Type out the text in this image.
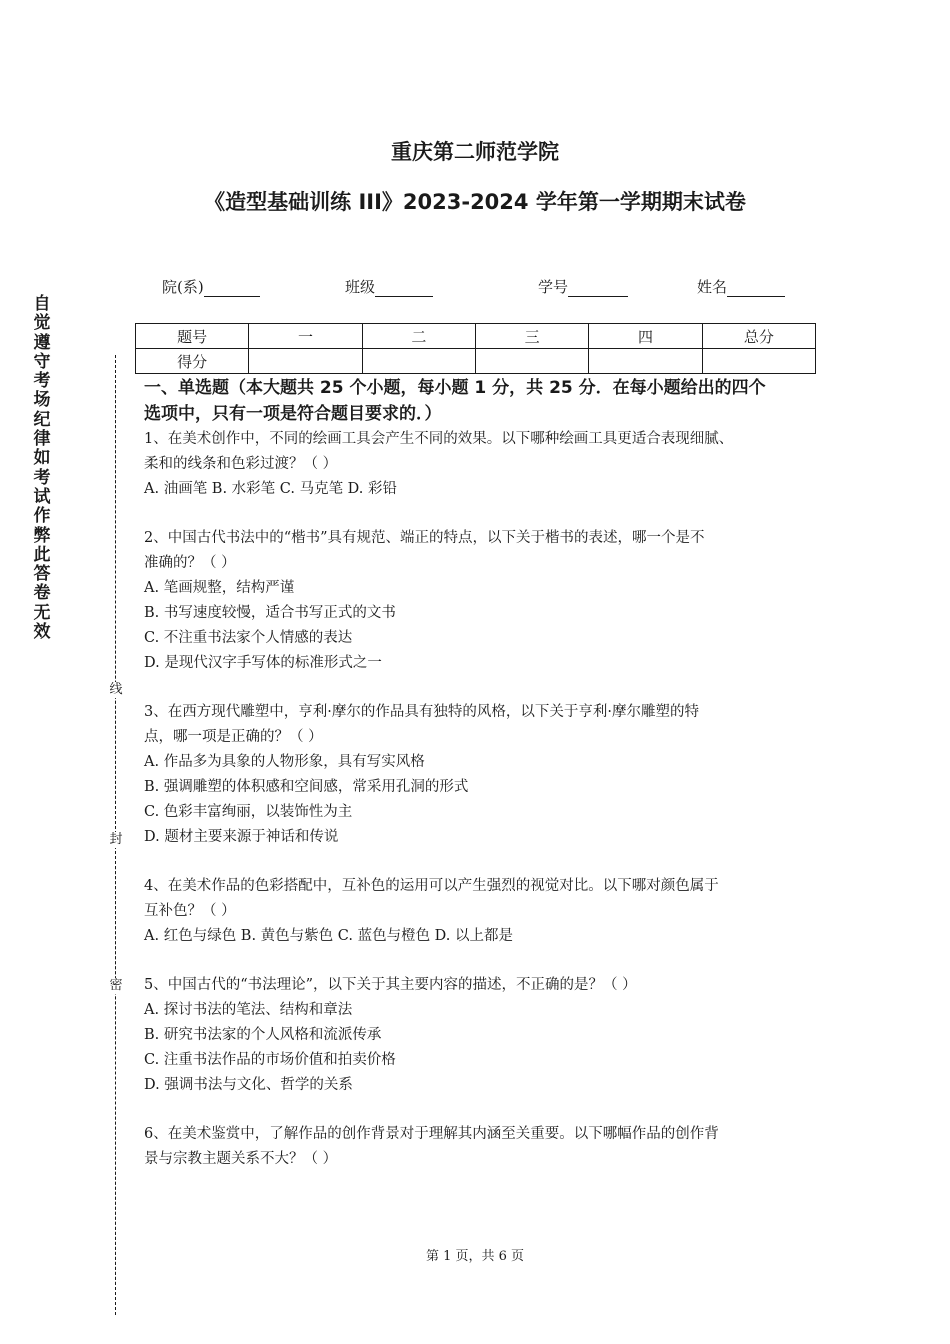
重庆第二师范学院
《造型基础训练 III》2023-2024 学年第一学期期末试卷
院(系)	班级	学号	姓名
题号	一	二	三	四	总分
得分					
自
觉
遵
守
考
场
纪
律
如
考
试
作
弊
此
答
卷
无
效
线
封
密
一、单选题（本大题共 25 个小题，每小题 1 分，共 25 分．在每小题给出的四个
选项中，只有一项是符合题目要求的．）
1、在美术创作中，不同的绘画工具会产生不同的效果。以下哪种绘画工具更适合表现细腻、
柔和的线条和色彩过渡？（ ）
A. 油画笔 B. 水彩笔 C. 马克笔 D. 彩铅
2、中国古代书法中的“楷书”具有规范、端正的特点，以下关于楷书的表述，哪一个是不
准确的？（ ）
A. 笔画规整，结构严谨
B. 书写速度较慢，适合书写正式的文书
C. 不注重书法家个人情感的表达
D. 是现代汉字手写体的标准形式之一
3、在西方现代雕塑中，亨利·摩尔的作品具有独特的风格，以下关于亨利·摩尔雕塑的特
点，哪一项是正确的？（ ）
A. 作品多为具象的人物形象，具有写实风格
B. 强调雕塑的体积感和空间感，常采用孔洞的形式
C. 色彩丰富绚丽，以装饰性为主
D. 题材主要来源于神话和传说
4、在美术作品的色彩搭配中，互补色的运用可以产生强烈的视觉对比。以下哪对颜色属于
互补色？（ ）
A. 红色与绿色 B. 黄色与紫色 C. 蓝色与橙色 D. 以上都是
5、中国古代的“书法理论”，以下关于其主要内容的描述，不正确的是？（ ）
A. 探讨书法的笔法、结构和章法
B. 研究书法家的个人风格和流派传承
C. 注重书法作品的市场价值和拍卖价格
D. 强调书法与文化、哲学的关系
6、在美术鉴赏中，了解作品的创作背景对于理解其内涵至关重要。以下哪幅作品的创作背
景与宗教主题关系不大？（ ）
第 1 页，共 6 页
